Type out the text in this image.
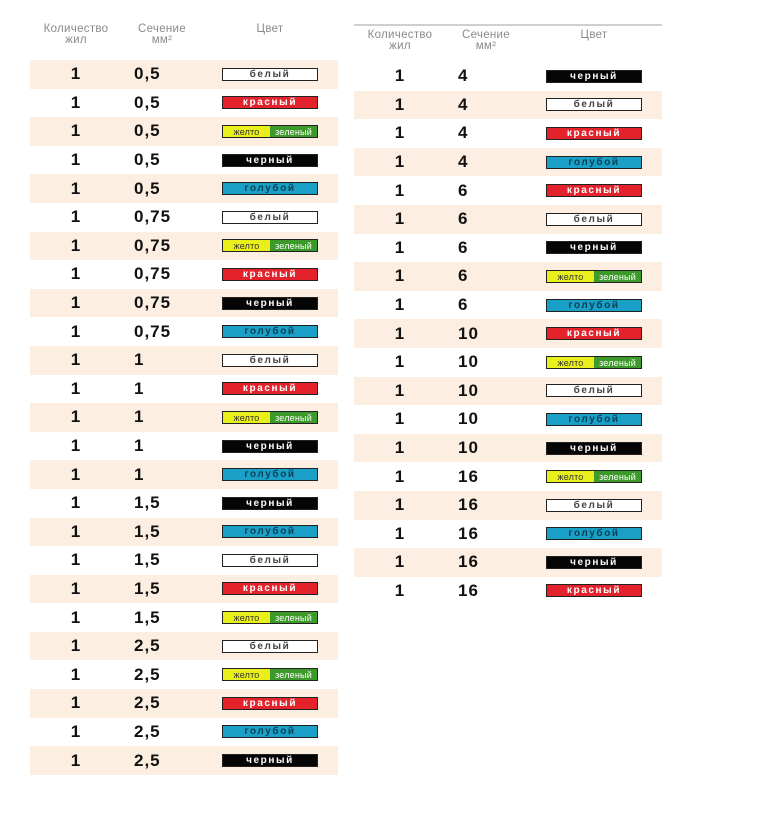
Количество
жил
Сечение
мм²
Цвет
1	0,5	белый
1	0,5	красный
1	0,5	желто	зеленый
1	0,5	черный
1	0,5	голубой
1	0,75	белый
1	0,75	желто	зеленый
1	0,75	красный
1	0,75	черный
1	0,75	голубой
1	1	белый
1	1	красный
1	1	желто	зеленый
1	1	черный
1	1	голубой
1	1,5	черный
1	1,5	голубой
1	1,5	белый
1	1,5	красный
1	1,5	желто	зеленый
1	2,5	белый
1	2,5	желто	зеленый
1	2,5	красный
1	2,5	голубой
1	2,5	черный
Количество
жил
Сечение
мм²
Цвет
1	4	черный
1	4	белый
1	4	красный
1	4	голубой
1	6	красный
1	6	белый
1	6	черный
1	6	желто	зеленый
1	6	голубой
1	10	красный
1	10	желто	зеленый
1	10	белый
1	10	голубой
1	10	черный
1	16	желто	зеленый
1	16	белый
1	16	голубой
1	16	черный
1	16	красный
